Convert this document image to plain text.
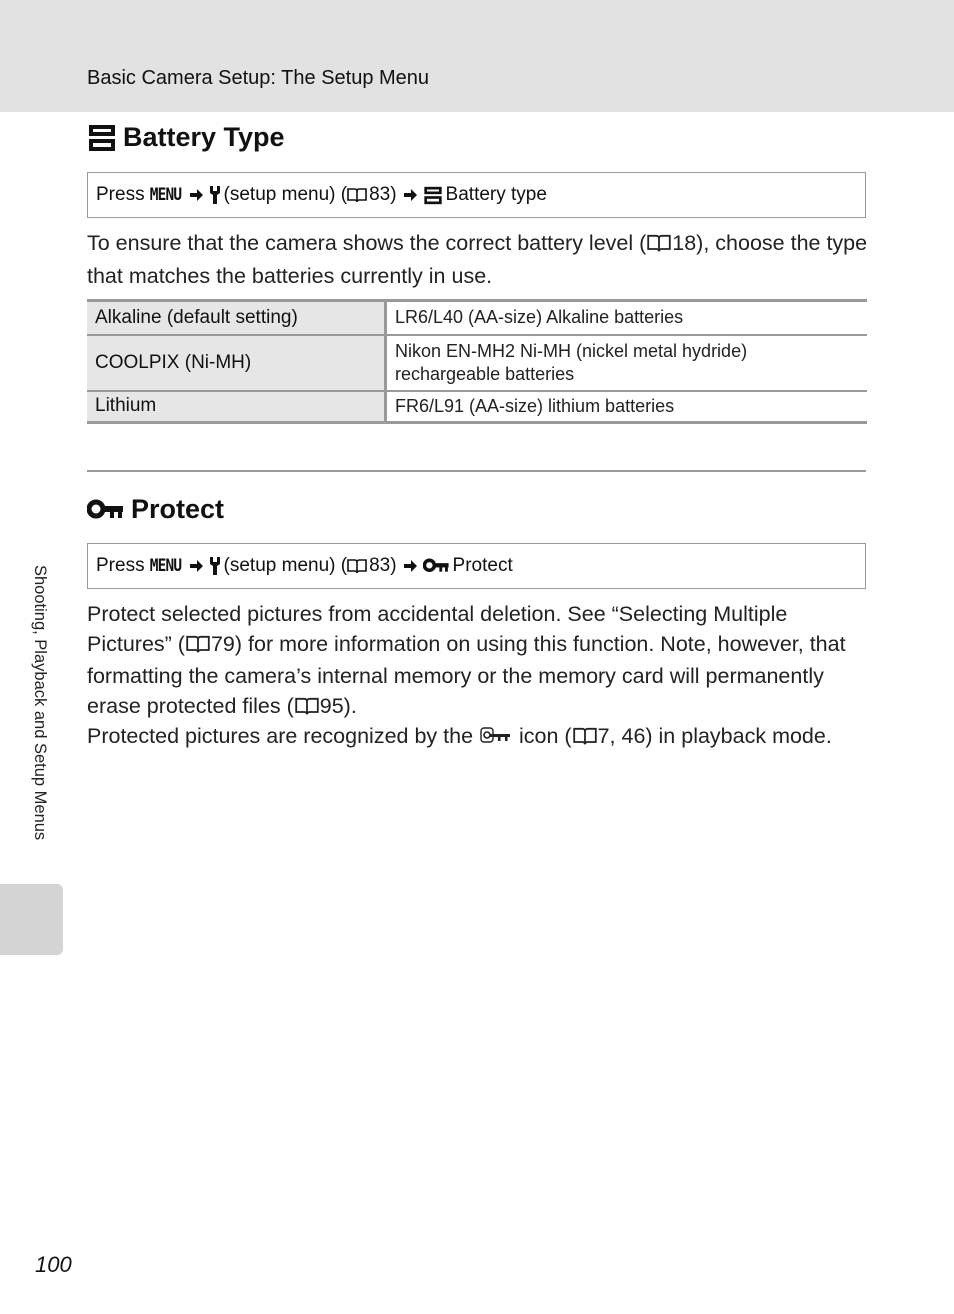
Basic Camera Setup: The Setup Menu
Battery Type
Press MENU (setup menu) ( 83)	Battery type

To ensure that the camera shows the correct battery level ( 18), choose the type that matches the batteries currently in use.

Alkaline (default setting)	LR6/L40 (AA-size) Alkaline batteries
COOLPIX (Ni-MH)	Nikon EN-MH2 Ni-MH (nickel metal hydride) rechargeable batteries
Lithium	FR6/L91 (AA-size) lithium batteries
Protect
Press MENU (setup menu) ( 83)	Protect

Protect selected pictures from accidental deletion. See “Selecting Multiple Pictures” ( 79) for more information on using this function. Note, however, that formatting the camera’s internal memory or the memory card will permanently erase protected files ( 95).

Protected pictures are recognized by the icon ( 7, 46) in playback mode.

Shooting, Playback and Setup Menus
100
